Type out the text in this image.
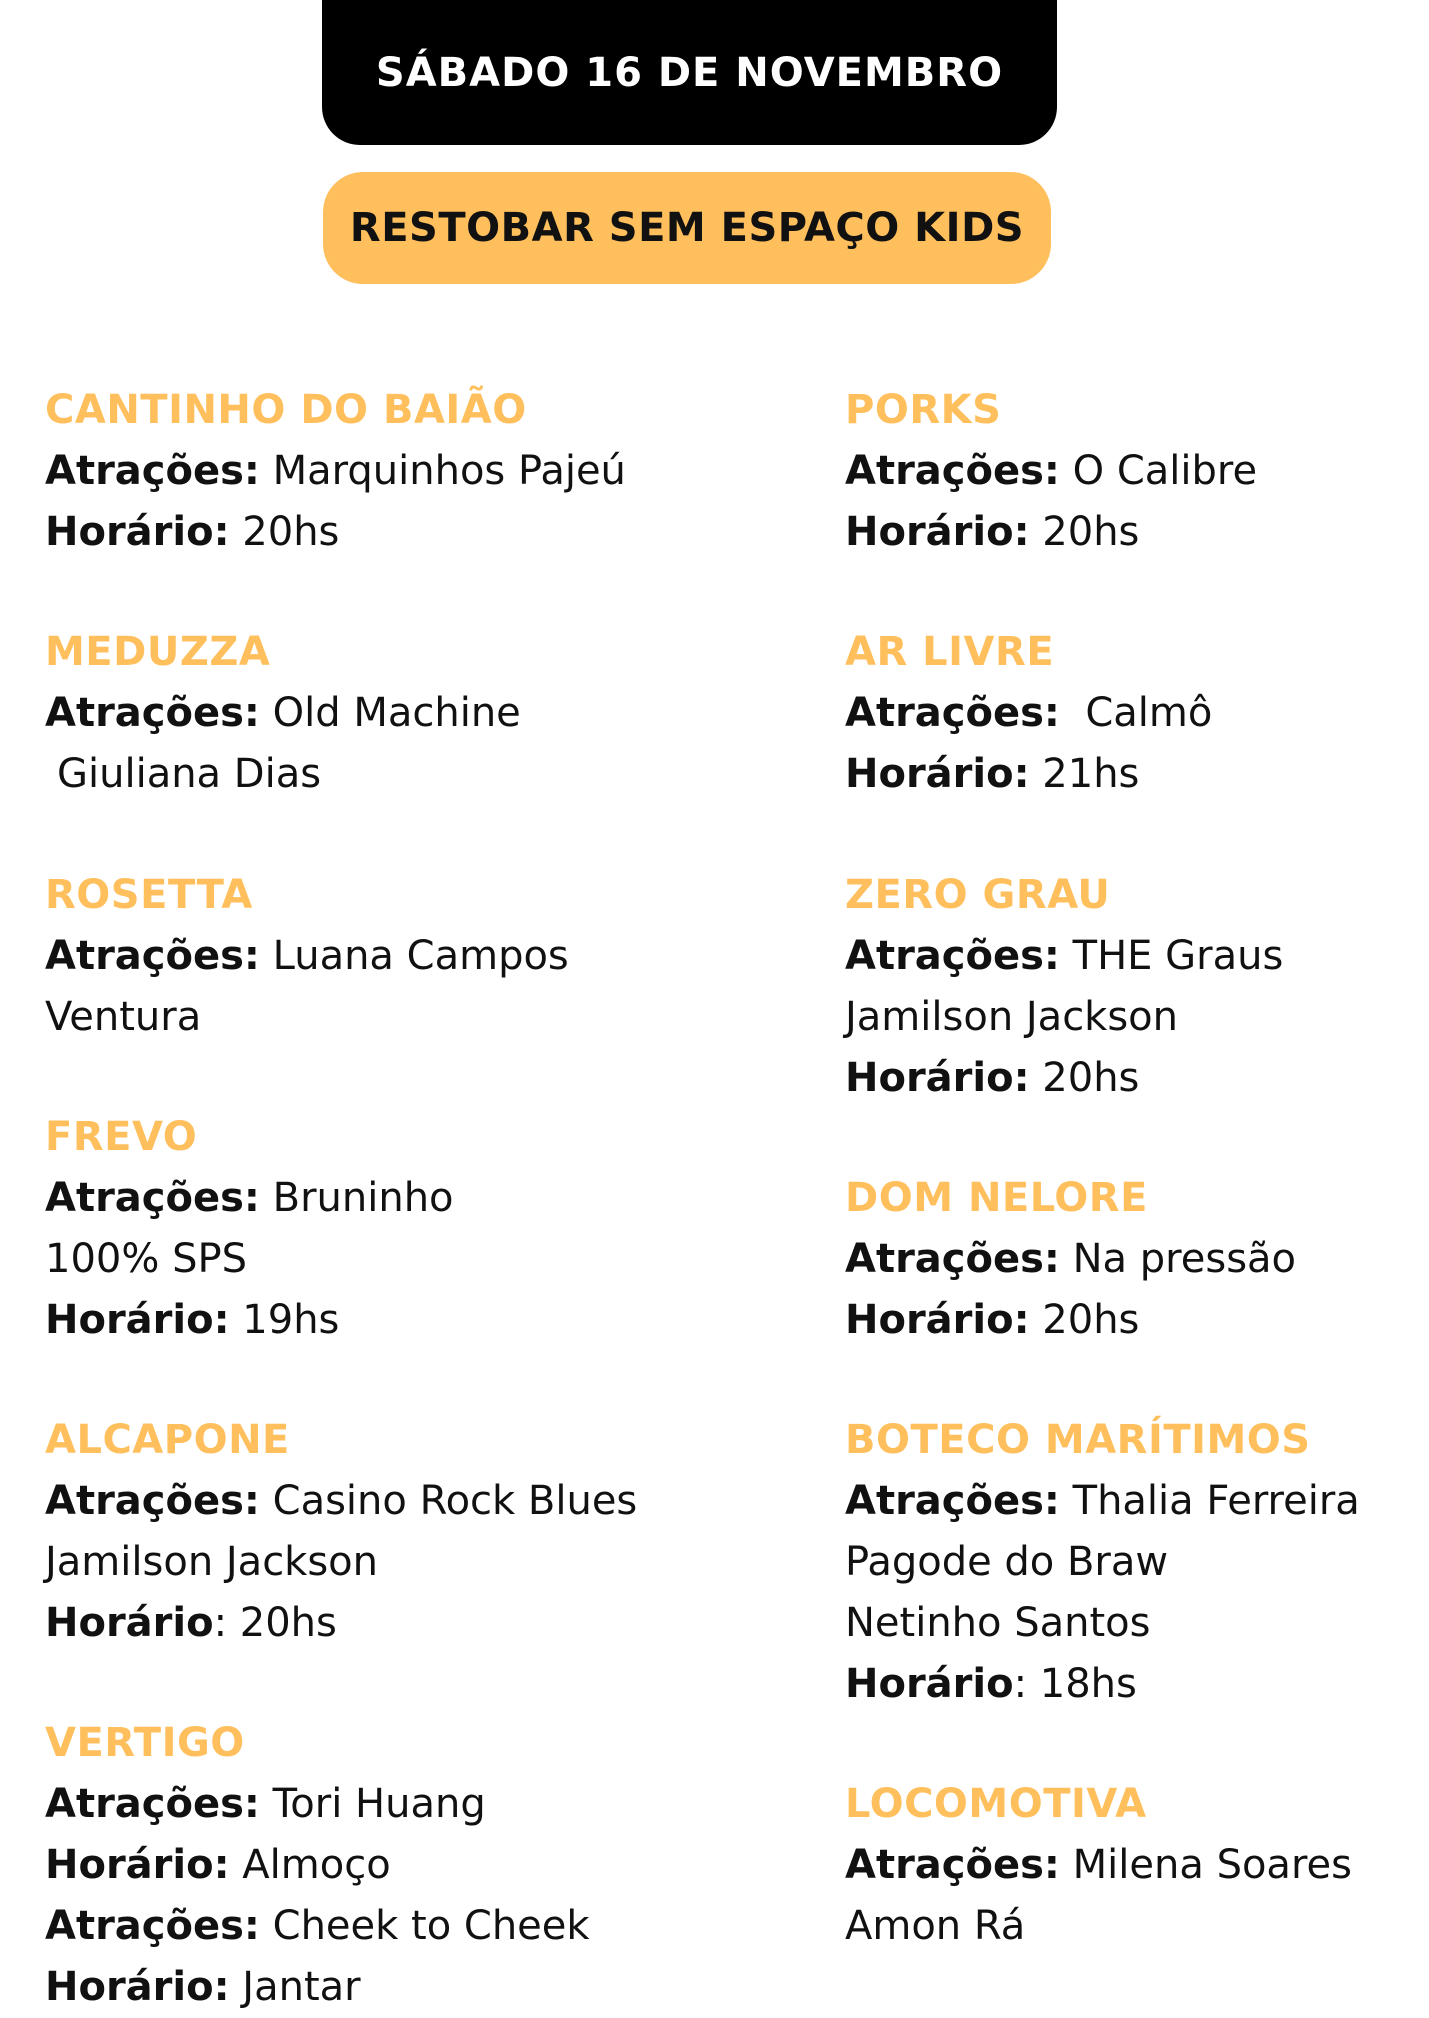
SÁBADO 16 DE NOVEMBRO
RESTOBAR SEM ESPAÇO KIDS
CANTINHO DO BAIÃO
Atrações: Marquinhos Pajeú
Horário: 20hs
MEDUZZA
Atrações: Old Machine
Giuliana Dias
ROSETTA
Atrações: Luana Campos
Ventura
FREVO
Atrações: Bruninho
100% SPS
Horário: 19hs
ALCAPONE
Atrações: Casino Rock Blues
Jamilson Jackson
Horário: 20hs
VERTIGO
Atrações: Tori Huang
Horário: Almoço
Atrações: Cheek to Cheek
Horário: Jantar
PORKS
Atrações: O Calibre
Horário: 20hs
AR LIVRE
Atrações:  Calmô
Horário: 21hs
ZERO GRAU
Atrações: THE Graus
Jamilson Jackson
Horário: 20hs
DOM NELORE
Atrações: Na pressão
Horário: 20hs
BOTECO MARÍTIMOS
Atrações: Thalia Ferreira
Pagode do Braw
Netinho Santos
Horário: 18hs
LOCOMOTIVA
Atrações: Milena Soares
Amon Rá
